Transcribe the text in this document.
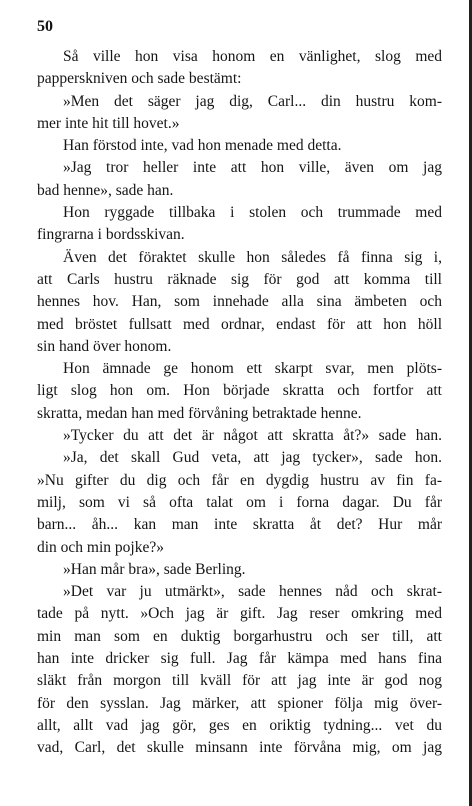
50
Så ville hon visa honom en vänlighet, slog med
papperskniven och sade bestämt:
»Men det säger jag dig, Carl... din hustru kom-
mer inte hit till hovet.»
Han förstod inte, vad hon menade med detta.
»Jag tror heller inte att hon ville, även om jag
bad henne», sade han.
Hon ryggade tillbaka i stolen och trummade med
fingrarna i bordsskivan.
Även det föraktet skulle hon således få finna sig i,
att Carls hustru räknade sig för god att komma till
hennes hov. Han, som innehade alla sina ämbeten och
med bröstet fullsatt med ordnar, endast för att hon höll
sin hand över honom.
Hon ämnade ge honom ett skarpt svar, men plöts-
ligt slog hon om. Hon började skratta och fortfor att
skratta, medan han med förvåning betraktade henne.
»Tycker du att det är något att skratta åt?» sade han.
»Ja, det skall Gud veta, att jag tycker», sade hon.
»Nu gifter du dig och får en dygdig hustru av fin fa-
milj, som vi så ofta talat om i forna dagar. Du får
barn... åh... kan man inte skratta åt det? Hur mår
din och min pojke?»
»Han mår bra», sade Berling.
»Det var ju utmärkt», sade hennes nåd och skrat-
tade på nytt. »Och jag är gift. Jag reser omkring med
min man som en duktig borgarhustru och ser till, att
han inte dricker sig full. Jag får kämpa med hans fina
släkt från morgon till kväll för att jag inte är god nog
för den sysslan. Jag märker, att spioner följa mig över-
allt, allt vad jag gör, ges en oriktig tydning... vet du
vad, Carl, det skulle minsann inte förvåna mig, om jag
